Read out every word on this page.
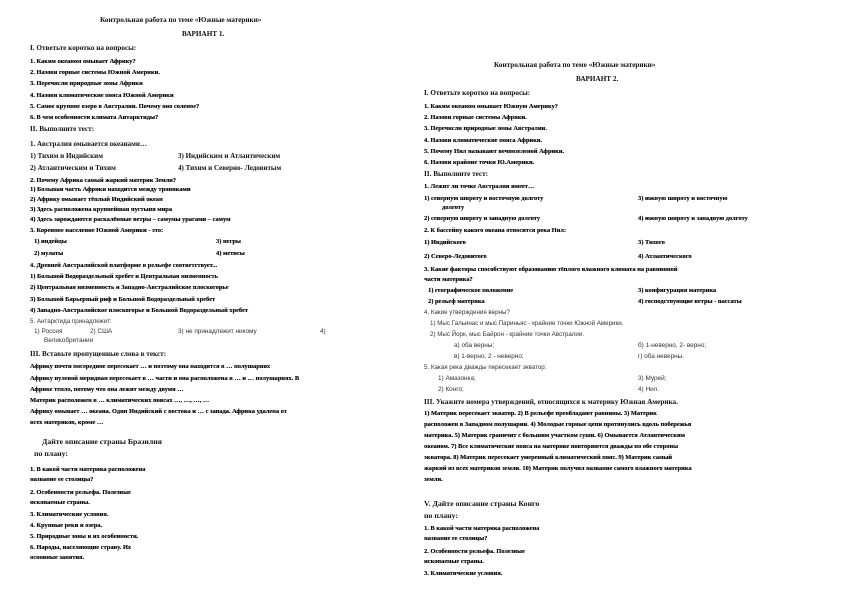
Контрольная работа по теме «Южные материки»
ВАРИАНТ 1.
I. Ответьте коротко на вопросы:
1. Каким океаном омывает Африку?
2. Назови горные системы Южной Америки.
3. Перечисли природные зоны Африки
4. Назови климатические пояса Южной Америки
5. Самое крупное озеро в Австралии. Почему оно соленое?
6. В чем особенности климата Антарктиды?
II. Выполните тест:
1. Австралия омывается океанами…
1) Тихим и Индийским	3) Индийским и Атлантическим
2) Атлантическим и Тихим	4) Тихим и Северно- Ледовитым
2. Почему Африка самый жаркий материк Земли?
1) Большая часть Африки находится между тропиками
2) Африку омывает тёплый Индийский океан
3) Здесь расположена крупнейшая пустыня мира
4) Здесь зарождаются раскалённые ветры – самумы урагами – самум
3. Коренное население Южной Америки - это:
1) индейцы	3) негры
2) мулаты	4) метисы
4. Древней Австралийской платформе в рельефе соответствует...
1) Большой Водораздельный хребет и Центральная низменность
2) Центральная низменность и Западно-Австралийское плоскогорье
3) Большой Барьерный риф и Большой Водораздельный хребет
4) Западно-Австралийское плоскогорье и Большой Водораздельный хребет
5. Антарктида принадлежит:
1) Россия	2) США	3) не принадлежит никому	4)
Великобритании
III. Вставьте пропущенные слова в текст:
Африку почти посередине пересекает … и поэтому она находится в … полушариях
Африку нулевой меридиан пересекает в … части и она расположена в … и … полушариях. В
Африке тепло, потому что она лежит между двумя …
Материк расположен в … климатических поясах …, …, …, …
Африку омывает … океана. Один Индийский с востока и … с запада. Африка удалена от
всех материков, кроме …
Дайте описание страны Бразилия
по плану:
1. В какой части материка расположена
название ее столицы?
2. Особенности рельефа. Полезные
ископаемые страны.
3. Климатические условия.
4. Крупные реки и озера.
5. Природные зоны и их особенности.
6. Народы, населяющие страну. Их
основные занятия.
Контрольная работа по теме «Южные материки»
ВАРИАНТ 2.
I. Ответьте коротко на вопросы:
1. Каким океаном омывает Южную Америку?
2. Назови горные системы Африки.
3. Перечисли природные зоны Австралии.
4. Назови климатические пояса Африки.
5. Почему Нил называют вечнозеленой Африки.
6. Назови крайние точки Ю.Америки.
II. Выполните тест:
1. Лежит ли точке Австралии имеет…
1) северную широту и восточную долготу	3) южную широту и восточную
долготу
2) северную широту и западную долготу	4) южную широту и западную долготу
2. К бассейну какого океана относится река Нил:
1) Индийского	3) Тихого
2) Северо-Ледовитого	4) Атлантического
3. Какие факторы способствуют образованию тёплого влажного климата на равнинной
части материка?
1) географическое положение	3) конфигурация материка
2) рельеф материка	4) господствующие ветры - пассаты
4. Какие утверждения верны?
1) Мыс Гальинас и мыс Париньяс - крайние точки Южной Америки.
2) Мыс Йорк, мыс Байрон - крайние точки Австралии.
а) оба верны;	б) 1-неверно, 2- верно;
в) 1-верно, 2 - неверно;	г) оба неверны.
5. Какая река дважды пересекает экватор:
1) Амазонка;	3) Мурей;
2) Конго;	4) Нил.
III. Укажите номера утверждений, относящихся к материку Южная Америка.
1) Материк пересекает экватор. 2) В рельефе преобладают равнины. 3) Материк
расположен в Западном полушарии. 4) Молодые горные цепи протянулись вдоль побережья
материка. 5) Материк граничит с большим участком суши. 6) Омывается Атлантическим
океаном. 7) Все климатические пояса на материке повторяются дважды по обе стороны
экватора. 8) Материк пересекает умеренный климатический пояс. 9) Материк самый
жаркий из всех материков земли. 10) Материк получил название самого влажного материка
земли.
V. Дайте описание страны Конго
по плану:
1. В какой части материка расположена
название ее столицы?
2. Особенности рельефа. Полезные
ископаемые страны.
3. Климатические условия.
